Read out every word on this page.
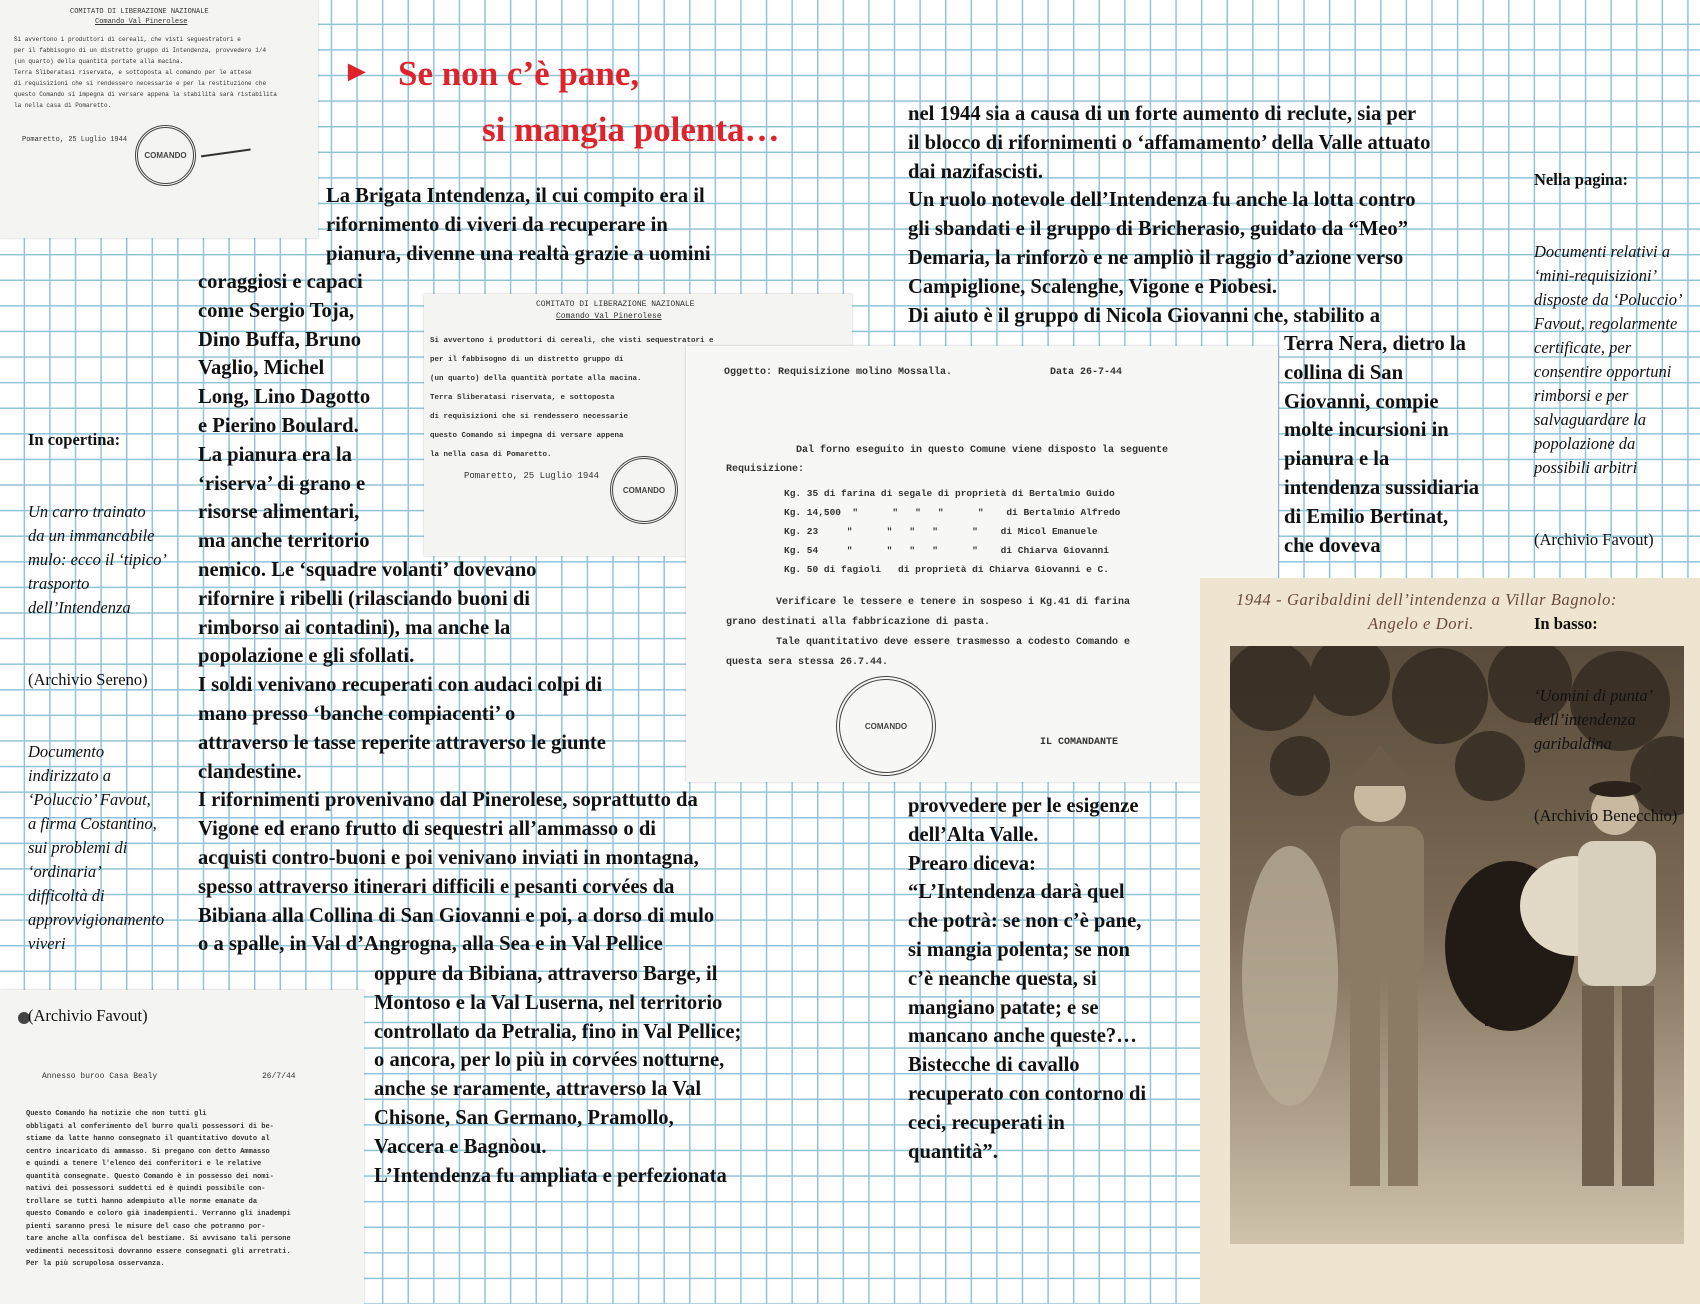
COMITATO DI LIBERAZIONE NAZIONALE
Comando Val Pinerolese
Si avvertono i produttori di cereali, che visti seguestratori e
per il fabbisogno di un distretto gruppo di Intendenza, provvedere 1/4
(un quarto) della quantità portate alla macina.
Terra Sliberatasi riservata, e sottoposta al comando per le attese
di requisizioni che si rendessero necessarie e per la restituzione che
questo Comando si impegna di versare appena la stabilità sarà ristabilita
la nella casa di Pomaretto.
Pomaretto, 25 Luglio 1944
COMANDO
► Se non c’è pane,
si mangia polenta…
COMITATO DI LIBERAZIONE NAZIONALE
Comando Val Pinerolese
Si avvertono i produttori di cereali, che visti sequestratori e
per il fabbisogno di un distretto gruppo di
(un quarto) della quantità portate alla macina.
Terra Sliberatasi riservata, e sottoposta
di requisizioni che si rendessero necessarie
questo Comando si impegna di versare appena
la nella casa di Pomaretto.
Pomaretto, 25 Luglio 1944
COMANDO
Oggetto: Requisizione molino Mossalla.	Data 26-7-44
Dal forno eseguito in questo Comune viene disposto la seguente
Requisizione:
Kg. 35 di farina di segale di proprietà di Bertalmio Guido
Kg. 14,500  "      "   "   "      "    di Bertalmio Alfredo
Kg. 23     "      "   "   "      "    di Micol Emanuele
Kg. 54     "      "   "   "      "    di Chiarva Giovanni
Kg. 50 di fagioli   di proprietà di Chiarva Giovanni e C.
Verificare le tessere e tenere in sospeso i Kg.41 di farina
grano destinati alla fabbricazione di pasta.
Tale quantitativo deve essere trasmesso a codesto Comando e
questa sera stessa 26.7.44.
COMANDO
IL COMANDANTE
Annesso buroo Casa Bealy	26/7/44
Questo Comando ha notizie che non tutti gli
obbligati al conferimento del burro quali possessori di be-
stiame da latte hanno consegnato il quantitativo dovuto al
centro incaricato di ammasso. Si pregano con detto Ammasso
e quindi a tenere l'elenco dei conferitori e le relative
quantità consegnate. Questo Comando è in possesso dei nomi-
nativi dei possessori suddetti ed è quindi possibile con-
trollare se tutti hanno adempiuto alle norme emanate da
questo Comando e coloro già inadempienti. Verranno gli inadempi
pienti saranno presi le misure del caso che potranno por-
tare anche alla confisca del bestiame. Si avvisano tali persone
vedimenti necessitosi dovranno essere consegnati gli arretrati.
Per la più scrupolosa osservanza.
1944 - Garibaldini dell’intendenza a Villar Bagnolo:
Angelo e Dori.
La Brigata Intendenza, il cui compito era il
rifornimento di viveri da recuperare in
pianura, divenne una realtà grazie a uomini
coraggiosi e capaci
come Sergio Toja,
Dino Buffa, Bruno
Vaglio, Michel
Long, Lino Dagotto
e Pierino Boulard.
La pianura era la
‘riserva’ di grano e
risorse alimentari,
ma anche territorio
nemico. Le ‘squadre volanti’ dovevano
rifornire i ribelli (rilasciando buoni di
rimborso ai contadini), ma anche la
popolazione e gli sfollati.
I soldi venivano recuperati con audaci colpi di
mano presso ‘banche compiacenti’ o
attraverso le tasse reperite attraverso le giunte
clandestine.
I rifornimenti provenivano dal Pinerolese, soprattutto da
Vigone ed erano frutto di sequestri all’ammasso o di
acquisti contro-buoni e poi venivano inviati in montagna,
spesso attraverso itinerari difficili e pesanti corvées da
Bibiana alla Collina di San Giovanni e poi, a dorso di mulo
o a spalle, in Val d’Angrogna, alla Sea e in Val Pellice
oppure da Bibiana, attraverso Barge, il
Montoso e la Val Luserna, nel territorio
controllato da Petralia, fino in Val Pellice;
o ancora, per lo più in corvées notturne,
anche se raramente, attraverso la Val
Chisone, San Germano, Pramollo,
Vaccera e Bagnòou.
L’Intendenza fu ampliata e perfezionata
nel 1944 sia a causa di un forte aumento di reclute, sia per
il blocco di rifornimenti o ‘affamamento’ della Valle attuato
dai nazifascisti.
Un ruolo notevole dell’Intendenza fu anche la lotta contro
gli sbandati e il gruppo di Bricherasio, guidato da “Meo”
Demaria, la rinforzò e ne ampliò il raggio d’azione verso
Campiglione, Scalenghe, Vigone e Piobesi.
Di aiuto è il gruppo di Nicola Giovanni che, stabilito a
Terra Nera, dietro la
collina di San
Giovanni, compie
molte incursioni in
pianura e la
intendenza sussidiaria
di Emilio Bertinat,
che doveva
provvedere per le esigenze
dell’Alta Valle.
Prearo diceva:
“L’Intendenza darà quel
che potrà: se non c’è pane,
si mangia polenta; se non
c’è neanche questa, si
mangiano patate; e se
mancano anche queste?…
Bistecche di cavallo
recuperato con contorno di
ceci, recuperati in
quantità”.

In copertina:

Un carro trainato
da un immancabile
mulo: ecco il ‘tipico’
trasporto
dell’Intendenza

(Archivio Sereno)

Documento
indirizzato a
‘Poluccio’ Favout,
a firma Costantino,
sui problemi di
‘ordinaria’
difficoltà di
approvvigionamento
viveri

(Archivio Favout)

Nella pagina:

Documenti relativi a
‘mini-requisizioni’
disposte da ‘Poluccio’
Favout, regolarmente
certificate, per
consentire opportuni
rimborsi e per
salvaguardare la
popolazione da
possibili arbitri

(Archivio Favout)

In basso:

‘Uomini di punta’
dell’intendenza
garibaldina

(Archivio Benecchio)
